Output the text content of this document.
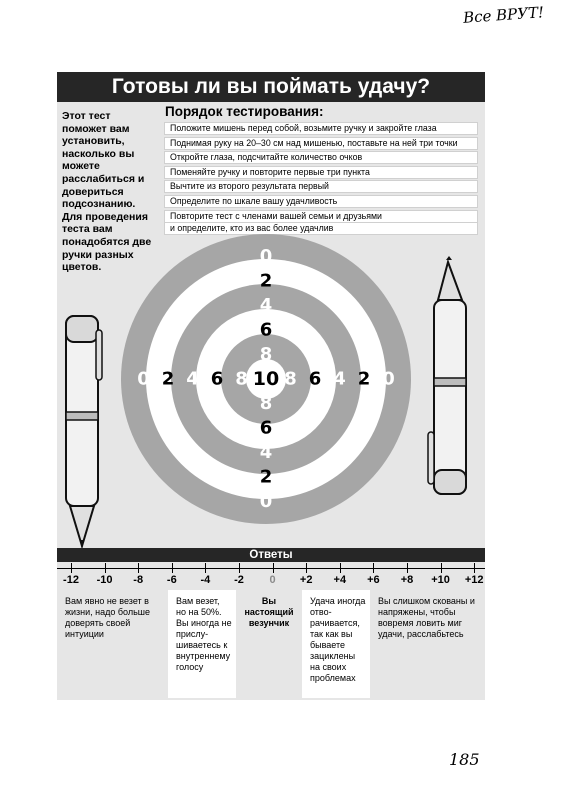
Все ВРУТ!
Готовы ли вы поймать удачу?
Этот тест поможет вам установить, насколько вы можете расслабиться и довериться подсознанию. Для проведения теста вам понадобятся две ручки разных цветов.
Порядок тестирования:
Положите мишень перед собой, возьмите ручку и закройте глаза
Поднимая руку на 20–30 см над мишенью, поставьте на ней три точки
Откройте глаза, подсчитайте количество очков
Поменяйте ручку и повторите первые три пункта
Вычтите из второго результата первый
Определите по шкале вашу удачливость
Повторите тест с членами вашей семьи и друзьями
и определите, кто из вас более удачлив
0
0
0	0
2
2
2	2
4
4
4	4
6
6
6	6
8
8
8 8
10
Ответы
-12	-10	-8	-6	-4	-2	0	+2	+4	+6	+8	+10	+12
Вам явно не везет в жизни, надо больше доверять своей интуиции
Вам везет, но на 50%. Вы иногда не прислу-шиваетесь к внутреннему голосу
Вы настоящий везунчик
Удача иногда отво-рачивается, так как вы бываете зациклены на своих проблемах
Вы слишком скованы и напряжены, чтобы вовремя ловить миг удачи, расслабьтесь
185
